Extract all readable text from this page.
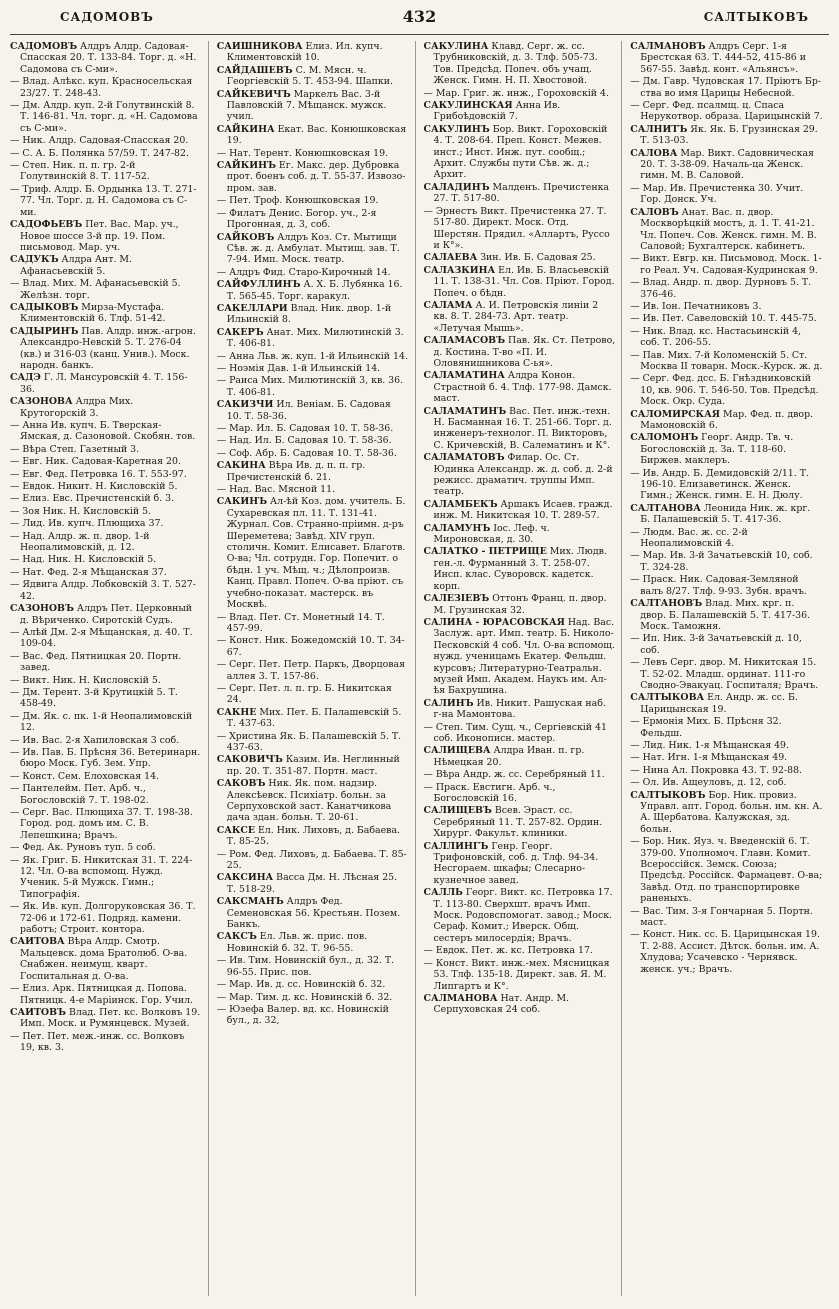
САДОМОВЪ	432	САЛТЫКОВЪ

САДОМОВЪ Алдръ Алдр. Садовая-Спасская 20. Т. 133-84. Торг. д. «Н. Садомова съ С-ми».

— Влад. Алѣкс. куп. Красносельская 23/27. Т. 248-43.

— Дм. Алдр. куп. 2-й Голутвинскій 8. Т. 146-81. Чл. торг. д. «Н. Садомова съ С-ми».

— Ник. Алдр. Садовая-Спасская 20.

— С. А. Б. Полянка 57/59. Т. 247-82.

— Степ. Ник. п. п. гр. 2-й Голутвинскій 8. Т. 117-52.

— Триф. Алдр. Б. Ордынка 13. Т. 271-77. Чл. Торг. д. Н. Садомова съ С-ми.

САДОФЬЕВЪ Пет. Вас. Мар. уч., Новое шоссе 3-й пр. 19. Пом. письмовод. Мар. уч.

САДУКЪ Алдра Ант. М. Афанасьевскій 5.

— Влад. Мих. М. Афанасьевскій 5. Желѣзн. торг.

САДЫКОВЪ Мирза-Мустафа. Климентовскій 6. Тлф. 51-42.

САДЫРИНЪ Пав. Алдр. инж.-агрон. Александро-Невскій 5. Т. 276-04 (кв.) и 316-03 (канц. Унив.). Моск. народн. банкъ.

САДЭ Г. Л. Мансуровскій 4. Т. 156-36.

САЗОНОВА Алдра Мих. Крутогорскій 3.

— Анна Ив. купч. Б. Тверская-Ямская, д. Сазоновой. Скобян. тов.

— Вѣра Степ. Газетный 3.

— Евг. Ник. Садовая-Каретная 20.

— Евг. Фед. Петровка 16. Т. 553-97.

— Евдок. Никит. Н. Кисловскій 5.

— Елиз. Евс. Пречистенскій б. 3.

— Зоя Ник. Н. Кисловскій 5.

— Лид. Ив. купч. Плющиха 37.

— Над. Алдр. ж. п. двор. 1-й Неопалимовскій, д. 12.

— Над. Ник. Н. Кисловскій 5.

— Нат. Фед. 2-я Мѣщанская 37.

— Ядвига Алдр. Лобковскій 3. Т. 527-42.

САЗОНОВЪ Алдръ Пет. Церковный д. Вѣриченко. Сиротскій Судъ.

— Алѣй Дм. 2-я Мѣщанская, д. 40. Т. 109-04.

— Вас. Фед. Пятницкая 20. Портн. завед.

— Викт. Ник. Н. Кисловскій 5.

— Дм. Терент. 3-й Крутицкій 5. Т. 458-49.

— Дм. Як. с. пк. 1-й Неопалимовскій 12.

— Ив. Вас. 2-я Хапиловская 3 соб.

— Ив. Пав. Б. Прѣсня 36. Ветеринарн. бюро Моск. Губ. Зем. Упр.

— Конст. Сем. Елоховская 14.

— Пантелейм. Пет. Арб. ч., Богословскій 7. Т. 198-02.

— Серг. Вас. Плющиха 37. Т. 198-38. Город. род. домъ им. С. В. Лепешкина; Врачъ.

— Фед. Ак. Руновъ туп. 5 соб.

— Як. Григ. Б. Никитская 31. Т. 224-12. Чл. О-ва вспомощ. Нужд. Ученик. 5-й Мужск. Гимн.; Типографія.

— Як. Ив. куп. Долгоруковская 36. Т. 72-06 и 172-61. Подряд. камени. работъ; Строит. контора.

САИТОВА Вѣра Алдр. Смотр. Мальцевск. дома Братолюб. О-ва. Снабжен. неимущ. кварт. Госпитальная д. О-ва.

— Елиз. Арк. Пятницкая д. Попова. Пятницк. 4-е Маріинск. Гор. Учил.

САИТОВЪ Влад. Пет. кс. Волковъ 19. Имп. Моск. и Румянцевск. Музей.

— Пет. Пет. меж.-инж. сс. Волковъ 19, кв. 3.

САИШНИКОВА Елиз. Ил. купч. Климентовскій 10.

САЙДАШЕВЪ С. М. Мясн. ч. Георгіевскій 5. Т. 453-94. Шапки.

САЙКЕВИЧЪ Маркелъ Вас. 3-й Павловскій 7. Мѣщанск. мужск. учил.

САЙКИНА Екат. Вас. Конюшковская 19.

— Нат. Терент. Конюшковская 19.

САЙКИНЪ Ег. Макс. дер. Дубровка прот. боенъ соб. д. Т. 55-37. Извозо-пром. зав.

— Пет. Троф. Конюшковская 19.

— Филатъ Денис. Богор. уч., 2-я Прогонная, д. 3, соб.

САЙКОВЪ Алдръ Коз. Ст. Мытищи Сѣв. ж. д. Амбулат. Мытищ. зав. Т. 7-94. Имп. Моск. театр.

— Алдръ Фид. Старо-Кирочный 14.

САЙФУЛЛИНЪ А. Х. Б. Лубянка 16. Т. 565-45. Торг. каракул.

САКЕЛЛАРИ Влад. Ник. двор. 1-й Ильинскій 8.

САКЕРЪ Анат. Мих. Милютинскій 3. Т. 406-81.

— Анна Льв. ж. куп. 1-й Ильинскій 14.

— Ноэмія Дав. 1-й Ильинскій 14.

— Раиса Мих. Милютинскій 3, кв. 36. Т. 406-81.

САКИЗЧИ Ил. Веніам. Б. Садовая 10. Т. 58-36.

— Мар. Ил. Б. Садовая 10. Т. 58-36.

— Над. Ил. Б. Садовая 10. Т. 58-36.

— Соф. Абр. Б. Садовая 10. Т. 58-36.

САКИНА Вѣра Ив. д. п. п. гр. Пречистенскій б. 21.

— Над. Вас. Мясной 11.

САКИНЪ Ал-ѣй Коз. дом. учитель. Б. Сухаревская пл. 11. Т. 131-41. Журнал. Сов. Странно-пріимн. д-ръ Шереметева; Завѣд. XIV груп. столичн. Комит. Елисавет. Благотв. О-ва; Чл. сотрудн. Гор. Попечит. о бѣдн. 1 уч. Мѣщ. ч.; Дѣлопроизв. Канц. Правл. Попеч. О-ва пріют. съ учебно-показат. мастерск. въ Москвѣ.

— Влад. Пет. Ст. Монетный 14. Т. 457-99.

— Конст. Ник. Божедомскій 10. Т. 34-67.

— Серг. Пет. Петр. Паркъ, Дворцовая аллея 3. Т. 157-86.

— Серг. Пет. л. п. гр. Б. Никитская 24.

САКНЕ Мих. Пет. Б. Палашевскій 5. Т. 437-63.

— Христина Як. Б. Палашевскій 5. Т. 437-63.

САКОВИЧЪ Казим. Ив. Неглинный пр. 20. Т. 351-87. Портн. маст.

САКОВЪ Ник. Як. пом. надзир. Алексѣевск. Психіатр. больн. за Серпуховской заст. Канатчикова дача здан. больн. Т. 20-61.

САКСЕ Ел. Ник. Лиховъ, д. Бабаева. Т. 85-25.

— Ром. Фед. Лиховъ, д. Бабаева. Т. 85-25.

САКСИНА Васса Дм. Н. Лѣсная 25. Т. 518-29.

САКСМАНЪ Алдръ Фед. Семеновская 56. Крестьян. Позем. Банкъ.

САКСЪ Ел. Льв. ж. прис. пов. Новинскій б. 32. Т. 96-55.

— Ив. Тим. Новинскій бул., д. 32. Т. 96-55. Прис. пов.

— Мар. Ив. д. сс. Новинскій б. 32.

— Мар. Тим. д. кс. Новинскій б. 32.

— Юзефа Валер. вд. кс. Новинскій бул., д. 32,

САКУЛИНА Клавд. Серг. ж. сс. Трубниковскій, д. 3. Тлф. 505-73. Тов. Предсѣд. Попеч. объ учащ. Женск. Гимн. Н. П. Хвостовой.

— Мар. Григ. ж. инж., Гороховскій 4.

САКУЛИНСКАЯ Анна Ив. Грибоѣдовскій 7.

САКУЛИНЪ Бор. Викт. Гороховскій 4. Т. 208-64. Преп. Конст. Межев. инст.; Инст. Инж. пут. сообщ.; Архит. Службы пути Сѣв. ж. д.; Архит.

САЛАДИНЪ Малденъ. Пречистенка 27. Т. 517-80.

— Эрнестъ Викт. Пречистенка 27. Т. 517-80. Директ. Моск. Отд. Шерстян. Прядил. «Аллартъ, Руссо и К°».

САЛАЕВА Зин. Ив. Б. Садовая 25.

САЛАЗКИНА Ел. Ив. Б. Власьевскій 11. Т. 138-31. Чл. Сов. Пріют. Город. Попеч. о бѣдн.

САЛАМА А. И. Петровскія линіи 2 кв. 8. Т. 284-73. Арт. театр. «Летучая Мышь».

САЛАМАСОВЪ Пав. Як. Ст. Петрово, д. Костина. Т-во «П. И. Оловянишникова С-ья».

САЛАМАТИНА Алдра Конон. Страстной б. 4. Тлф. 177-98. Дамск. маст.

САЛАМАТИНЪ Вас. Пет. инж.-техн. Н. Басманная 16. Т. 251-66. Торг. д. инженеръ-технолог. П. Викторовъ, С. Кричевскій, В. Салематинъ и К°.

САЛАМАТОВЪ Филар. Ос. Ст. Юдинка Александр. ж. д. соб. д. 2-й режисс. драматич. труппы Имп. театр.

САЛАМБЕКЪ Аршакъ Исаев. гражд. инж. М. Никитская 10. Т. 289-57.

САЛАМУНЪ Іос. Леф. ч. Мироновская, д. 30.

САЛАТКО - ПЕТРИЩЕ Мих. Людв. ген.-л. Фурманный 3. Т. 258-07. Инсп. клас. Суворовск. кадетск. корп.

САЛЕЗІЕВЪ Оттонъ Франц. п. двор. М. Грузинская 32.

САЛИНА - ЮРАСОВСКАЯ Над. Вас. Заслуж. арт. Имп. театр. Б. Николо-Песковскій 4 соб. Чл. О-ва вспомощ. нужд. ученицамъ Екатер. Фельдш. курсовъ; Литературно-Театральн. музей Имп. Академ. Наукъ им. Ал-ѣя Бахрушина.

САЛИНЪ Ив. Никит. Рашуская наб. г-на Мамонтова.

— Степ. Тим. Сущ. ч., Сергіевскій 41 соб. Иконописн. мастер.

САЛИЩЕВА Алдра Иван. п. гр. Нѣмецкая 20.

— Вѣра Андр. ж. сс. Серебряный 11.

— Праск. Евстигн. Арб. ч., Богословскій 16.

САЛИЩЕВЪ Всев. Эраст. сс. Серебряный 11. Т. 257-82. Ордин. Хирург. Факульт. клиники.

САЛЛИНГЪ Генр. Георг. Трифоновскій, соб. д. Тлф. 94-34. Несгораем. шкафы; Слесарно-кузнечное завед.

САЛЛЬ Георг. Викт. кс. Петровка 17. Т. 113-80. Сверхшт. врачъ Имп. Моск. Родовспомогат. завод.; Моск. Сераф. Комит.; Иверск. Общ. сестеръ милосердія; Врачъ.

— Евдок. Пет. ж. кс. Петровка 17.

— Конст. Викт. инж.-мех. Мясницкая 53. Тлф. 135-18. Директ. зав. Я. М. Липгартъ и К°.

САЛМАНОВА Нат. Андр. М. Серпуховская 24 соб.

САЛМАНОВЪ Алдръ Серг. 1-я Брестская 63. Т. 444-52, 415-86 и 567-55. Завѣд. конт. «Альянсъ».

— Дм. Гавр. Чудовская 17. Пріютъ Бр-ства во имя Царицы Небесной.

— Серг. Фед. псалмщ. ц. Спаса Нерукотвор. образа. Царицынскій 7.

САЛНИТЪ Як. Як. Б. Грузинская 29. Т. 513-03.

САЛОВА Мар. Викт. Садовническая 20. Т. 3-38-09. Началь-ца Женск. гимн. М. В. Саловой.

— Мар. Ив. Пречистенка 30. Учит. Гор. Донск. Уч.

САЛОВЪ Анат. Вас. п. двор. Москворѣцкій мостъ, д. 1. Т. 41-21. Чл. Попеч. Сов. Женск. гимн. М. В. Саловой; Бухгалтерск. кабинетъ.

— Викт. Евгр. кн. Письмовод. Моск. 1-го Реал. Уч. Садовая-Кудринская 9.

— Влад. Андр. п. двор. Дурновъ 5. Т. 376-46.

— Ив. Іон. Печатниковъ 3.

— Ив. Пет. Савеловскій 10. Т. 445-75.

— Ник. Влад. кс. Настасьинскій 4, соб. Т. 206-55.

— Пав. Мих. 7-й Коломенскій 5. Ст. Москва II товарн. Моск.-Курск. ж. д.

— Серг. Фед. дсс. Б. Гнѣздниковскій 10, кв. 906. Т. 546-50. Тов. Предсѣд. Моск. Окр. Суда.

САЛОМИРСКАЯ Мар. Фед. п. двор. Мамоновскій 6.

САЛОМОНЪ Георг. Андр. Тв. ч. Богословскій д. За. Т. 118-60. Биржев. маклеръ.

— Ив. Андр. Б. Демидовскій 2/11. Т. 196-10. Елизаветинск. Женск. Гимн.; Женск. гимн. Е. Н. Дюлу.

САЛТАНОВА Леонида Ник. ж. крг. Б. Палашевскій 5. Т. 417-36.

— Людм. Вас. ж. сс. 2-й Неопалимовскій 4.

— Мар. Ив. 3-й Зачатьевскій 10, соб. Т. 324-28.

— Праск. Ник. Садовая-Земляной валъ 8/27. Тлф. 9-93. Зубн. врачъ.

САЛТАНОВЪ Влад. Мих. крг. п. двор. Б. Палашевскій 5. Т. 417-36. Моск. Таможня.

— Ип. Ник. 3-й Зачатьевскій д. 10, соб.

— Левъ Серг. двор. М. Никитская 15. Т. 52-02. Младш. ординат. 111-го Сводно-Эвакуац. Госпиталя; Врачъ.

САЛТЫКОВА Ел. Андр. ж. сс. Б. Царицынская 19.

— Ермонія Мих. Б. Прѣсня 32. Фельдш.

— Лид. Ник. 1-я Мѣщанская 49.

— Нат. Игн. 1-я Мѣщанская 49.

— Нина Ал. Покровка 43. Т. 92-88.

— Ол. Ив. Ащеуловъ, д. 12, соб.

САЛТЫКОВЪ Бор. Ник. провиз. Управл. апт. Город. больн. им. кн. А. А. Щербатова. Калужская, зд. больн.

— Бор. Ник. Яуз. ч. Введенскій 6. Т. 379-00. Уполномоч. Главн. Комит. Всероссійск. Земск. Союза; Предсѣд. Россійск. Фармацевт. О-ва; Завѣд. Отд. по транспортировке раненыхъ.

— Вас. Тим. 3-я Гончарная 5. Портн. маст.

— Конст. Ник. сс. Б. Царицынская 19. Т. 2-88. Ассист. Дѣтск. больн. им. А. Хлудова; Усачевско - Чернявск. женск. уч.; Врачъ.
